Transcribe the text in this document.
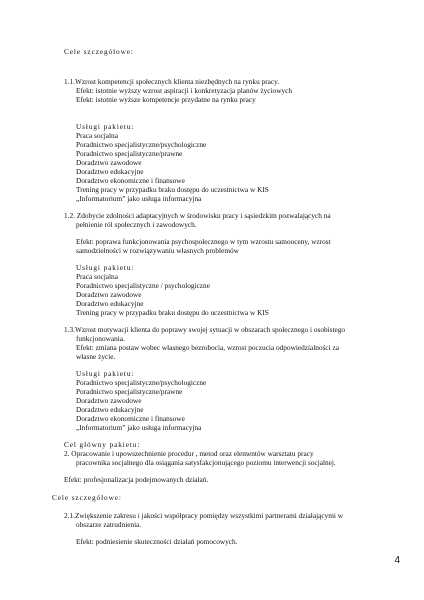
Cele szczegółowe:
1.1.Wzrost kompetencji społecznych klienta niezbędnych na rynku pracy.
Efekt: istotnie wyższy wzrost aspiracji i konkretyzacja planów życiowych
Efekt: istotnie wyższe kompetencje przydatne na rynku pracy
Usługi pakietu:
Praca socjalna
Poradnictwo specjalistyczne/psychologiczne
Poradnictwo specjalistyczne/prawne
Doradztwo zawodowe
Doradztwo edukacyjne
Doradztwo ekonomiczne i finansowe
Trening pracy w przypadku braku dostępu do uczestnictwa w KIS
„Informatorium” jako usługa informacyjna
1.2. Zdobycie zdolności adaptacyjnych w środowisku pracy i sąsiedzkim pozwalających na
pełnienie ról społecznych i zawodowych.
Efekt: poprawa funkcjonowania psychospołecznego w tym wzrostu samooceny, wzrost
samodzielności w rozwiązywaniu własnych problemów
Usługi pakietu:
Praca socjalna
Poradnictwo specjalistyczne / psychologiczne
Doradztwo zawodowe
Doradztwo edukacyjne
Trening pracy w przypadku braku dostępu do uczestnictwa w KIS
1.3.Wzrost motywacji klienta do poprawy swojej sytuacji w obszarach społecznego i osobistego
funkcjonowania.
Efekt: zmiana postaw wobec własnego bezrobocia, wzrost poczucia odpowiedzialności za
własne życie.
Usługi pakietu:
Poradnictwo specjalistyczne/psychologiczne
Poradnictwo specjalistyczne/prawne
Doradztwo zawodowe
Doradztwo edukacyjne
Doradztwo ekonomiczne i finansowe
„Informatorium” jako usługa informacyjna
Cel główny pakietu:
2. Opracowanie i upowszechnienie procedur , metod oraz elementów warsztatu pracy
pracownika socjalnego dla osiągania satysfakcjonującego poziomu interwencji socjalnej.
Efekt: profesjonalizacja podejmowanych działań.
Cele szczegółowe:
2.1.Zwiększenie zakresu i jakości współpracy pomiędzy wszystkimi partnerami działającymi w
obszarze zatrudnienia.
Efekt: podniesienie skuteczności działań pomocowych.
4
